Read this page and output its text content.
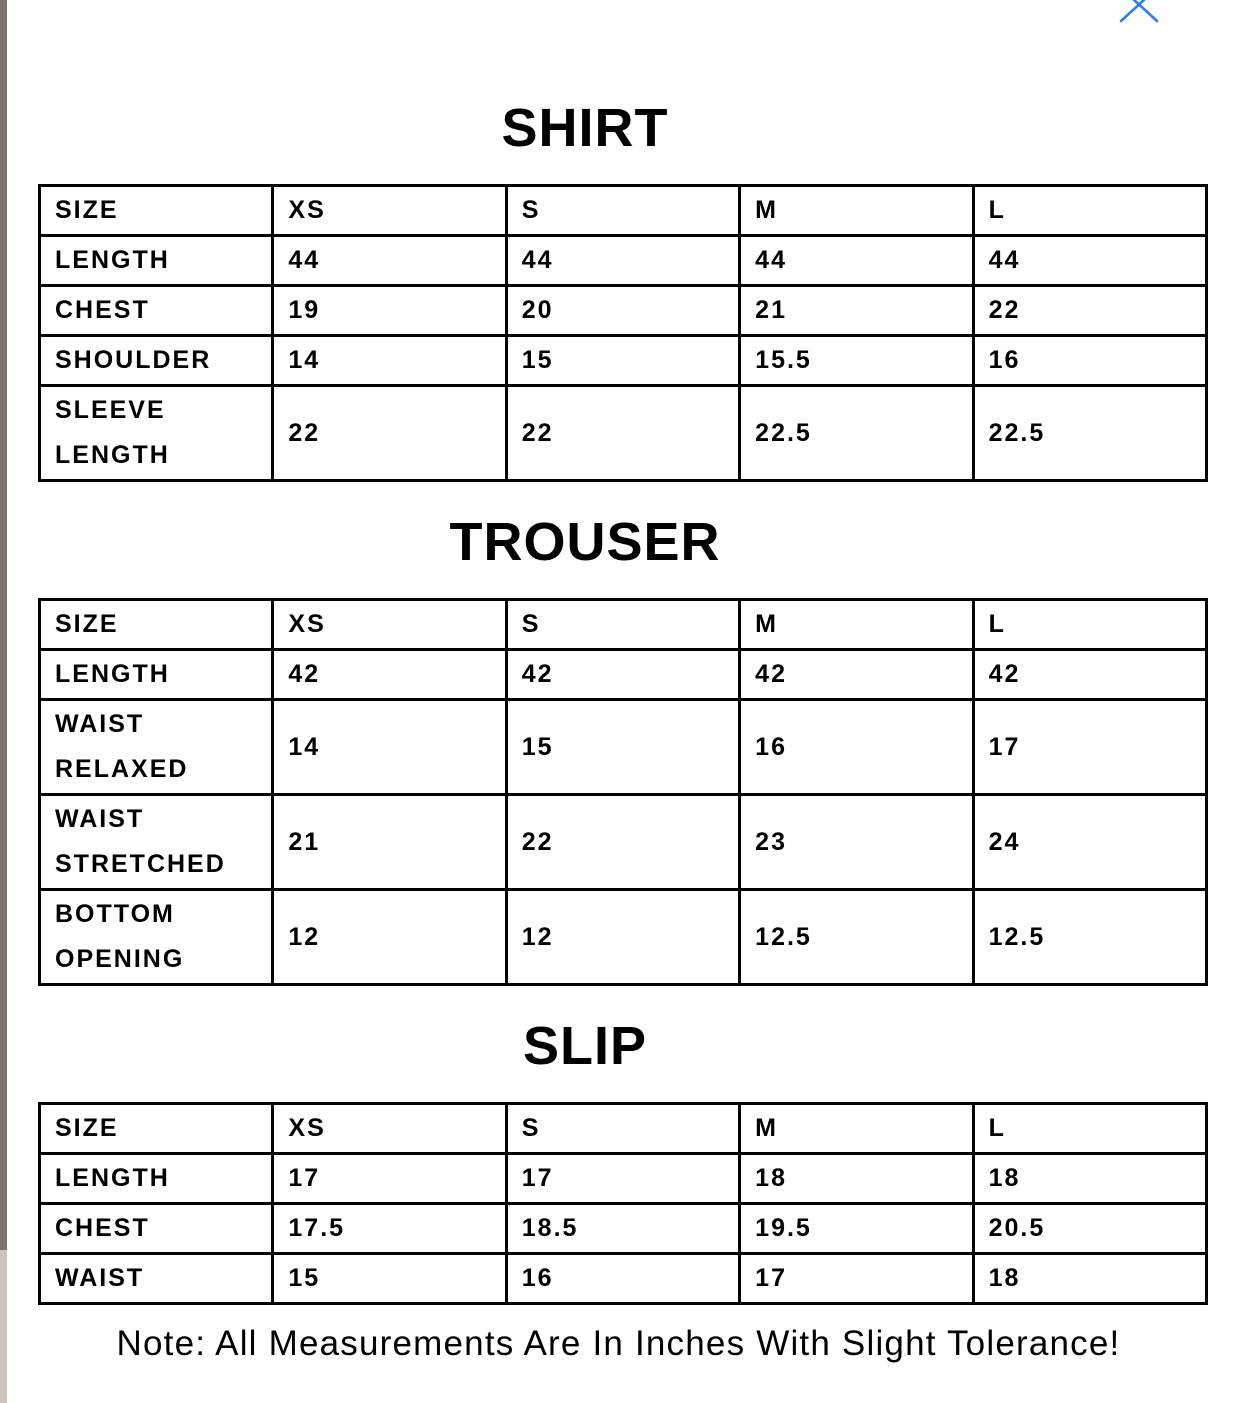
SHIRT
SIZE	XS	S	M	L
LENGTH	44	44	44	44
CHEST	19	20	21	22
SHOULDER	14	15	15.5	16

SLEEVE
LENGTH	22	22	22.5	22.5
TROUSER
SIZE	XS	S	M	L
LENGTH	42	42	42	42

WAIST
RELAXED	14	15	16	17

WAIST
STRETCHED	21	22	23	24

BOTTOM
OPENING	12	12	12.5	12.5
SLIP
SIZE	XS	S	M	L
LENGTH	17	17	18	18
CHEST	17.5	18.5	19.5	20.5
WAIST	15	16	17	18

Note: All Measurements Are In Inches With Slight Tolerance!
